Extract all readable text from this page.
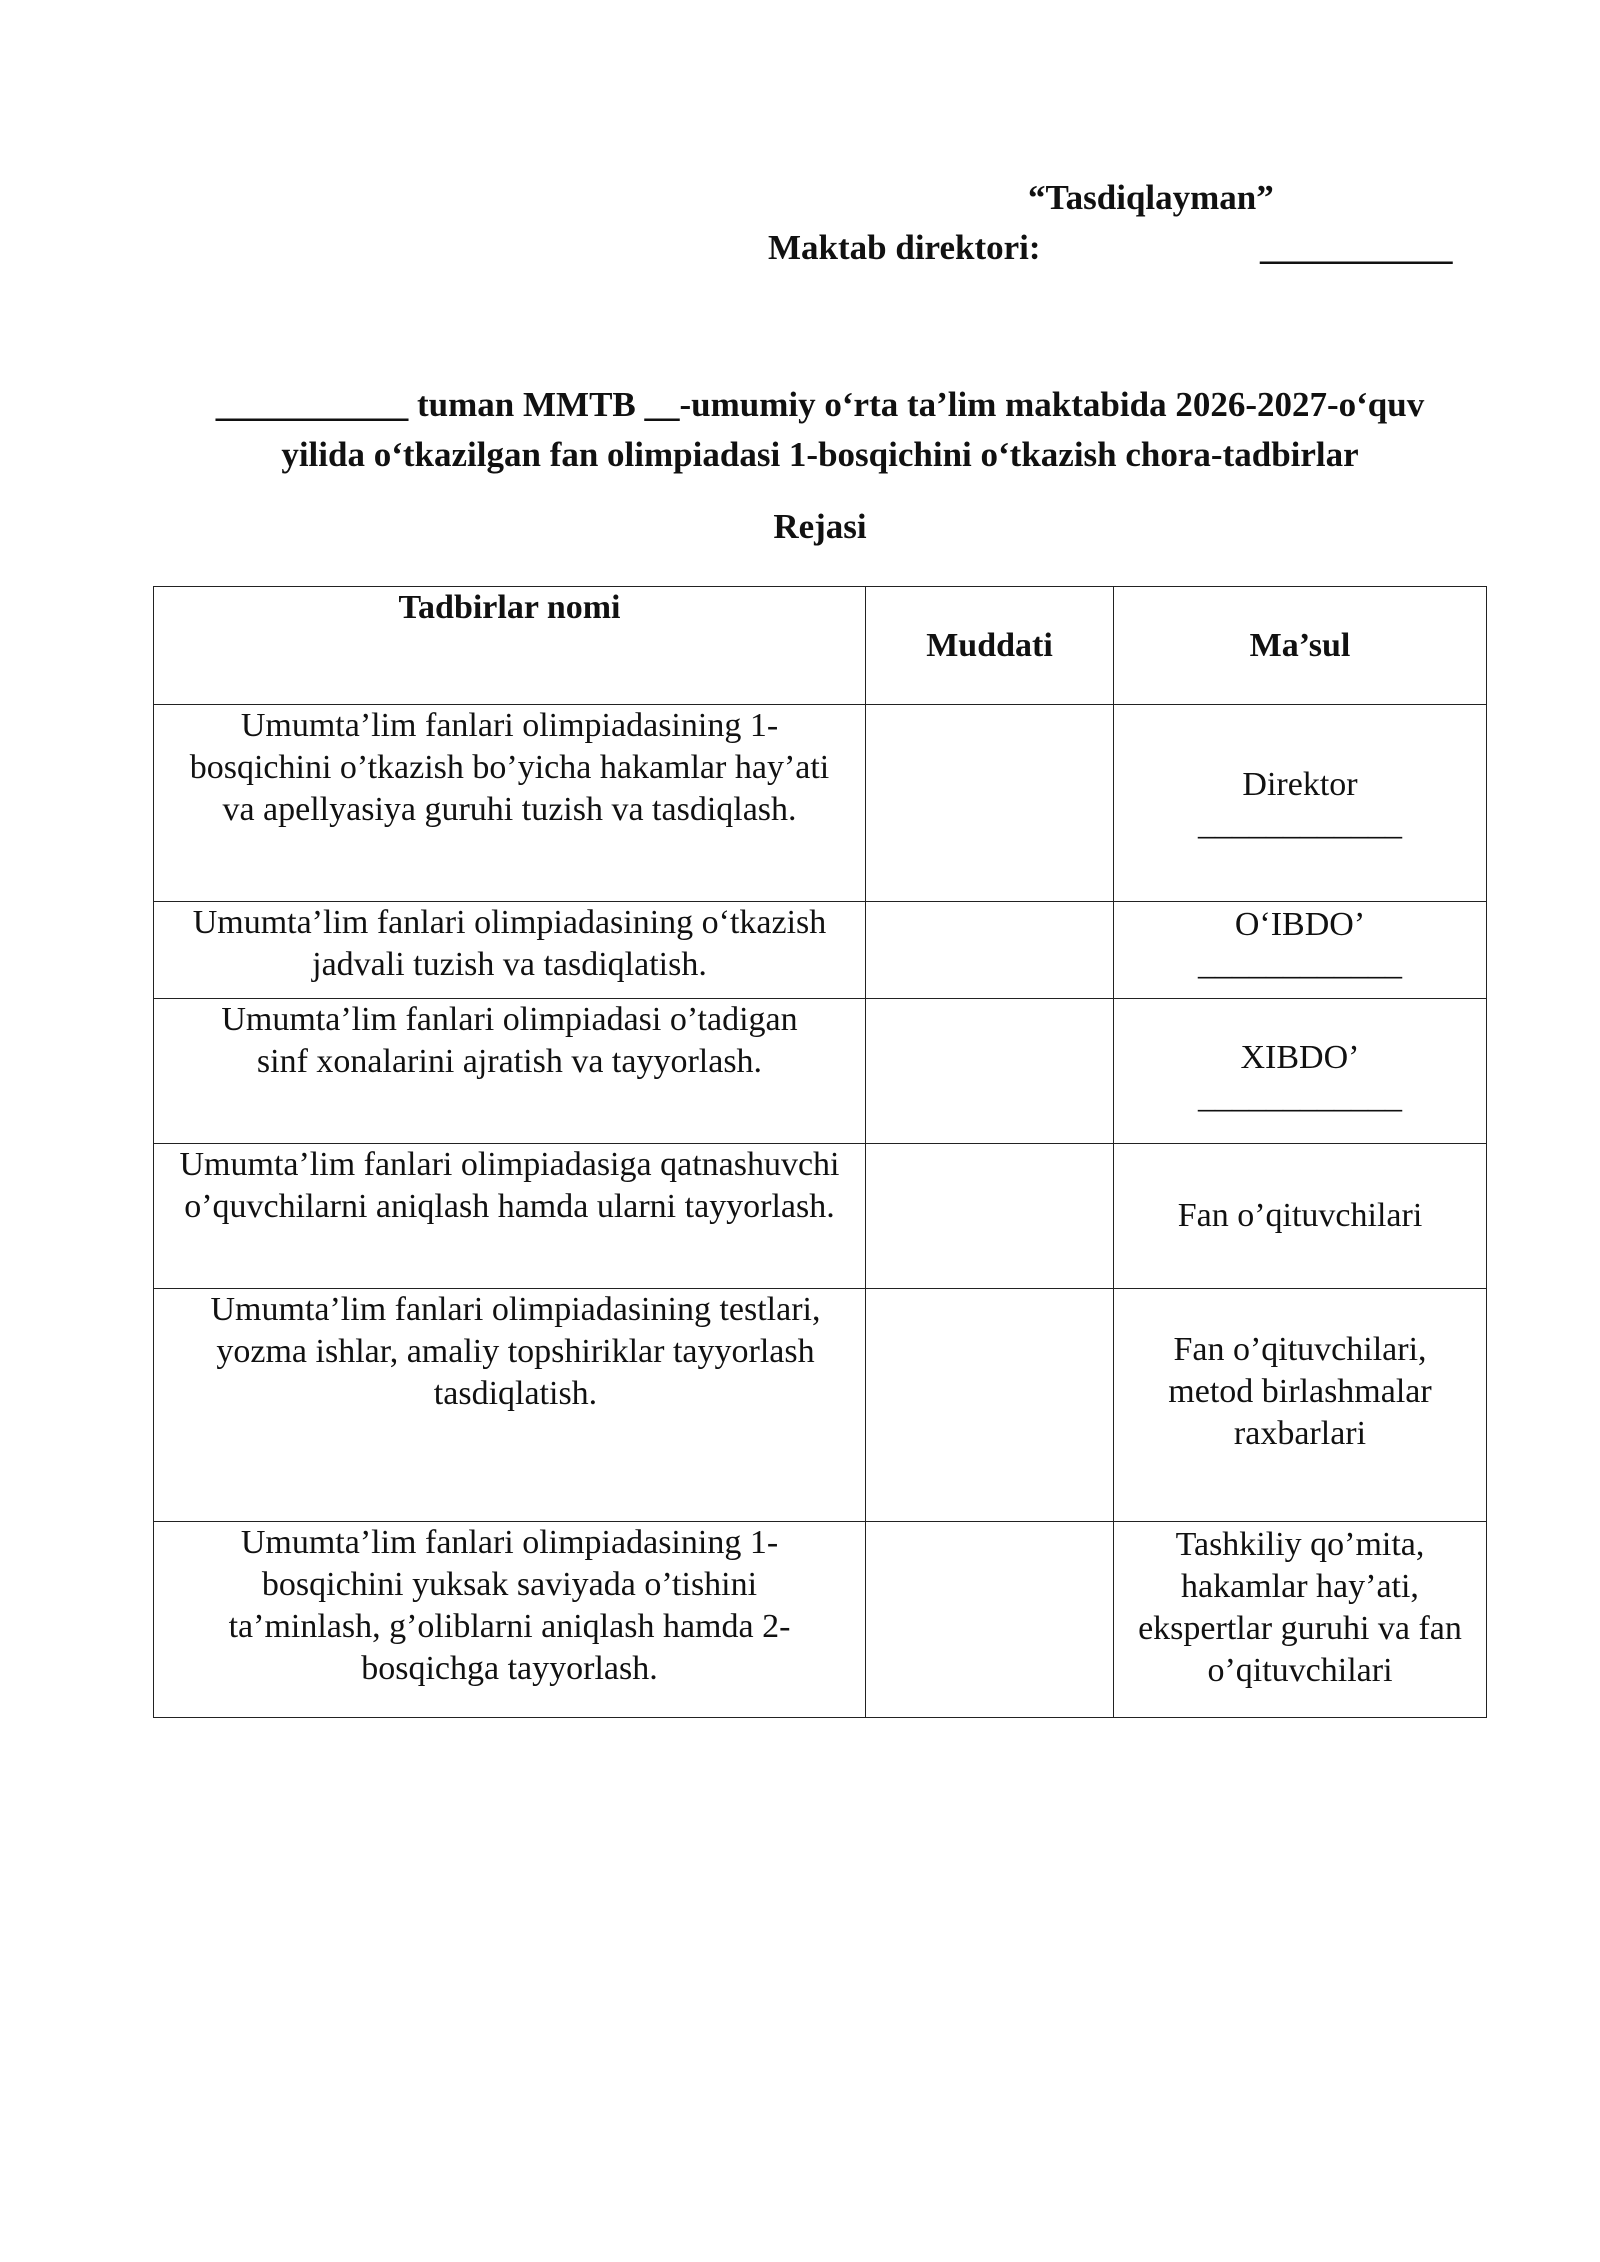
“Tasdiqlayman”
Maktab direktori:	___________
___________ tuman MMTB __-umumiy o‘rta ta’lim maktabida 2026-2027-o‘quv
yilida o‘tkazilgan fan olimpiadasi 1-bosqichini o‘tkazish chora-tadbirlar
Rejasi
Tadbirlar nomi	Muddati	Ma’sul
Umumta’lim fanlari olimpiadasining 1-bosqichini o’tkazish bo’yicha hakamlar hay’ati va apellyasiya guruhi tuzish va tasdiqlash.		Direktor
____________

Umumta’lim fanlari olimpiadasining o‘tkazish jadvali tuzish va tasdiqlatish.		O‘IBDO’
____________

Umumta’lim fanlari olimpiadasi o’tadigan sinf xonalarini ajratish va tayyorlash.		XIBDO’
____________

Umumta’lim fanlari olimpiadasiga qatnashuvchi o’quvchilarni aniqlash hamda ularni tayyorlash.		Fan o’qituvchilari
Umumta’lim fanlari olimpiadasining testlari, yozma ishlar, amaliy topshiriklar tayyorlash tasdiqlatish.		Fan o’qituvchilari, metod birlashmalar raxbarlari
Umumta’lim fanlari olimpiadasining 1-bosqichini yuksak saviyada o’tishini ta’minlash, g’oliblarni aniqlash hamda 2-bosqichga tayyorlash.		Tashkiliy qo’mita, hakamlar hay’ati, ekspertlar guruhi va fan o’qituvchilari
